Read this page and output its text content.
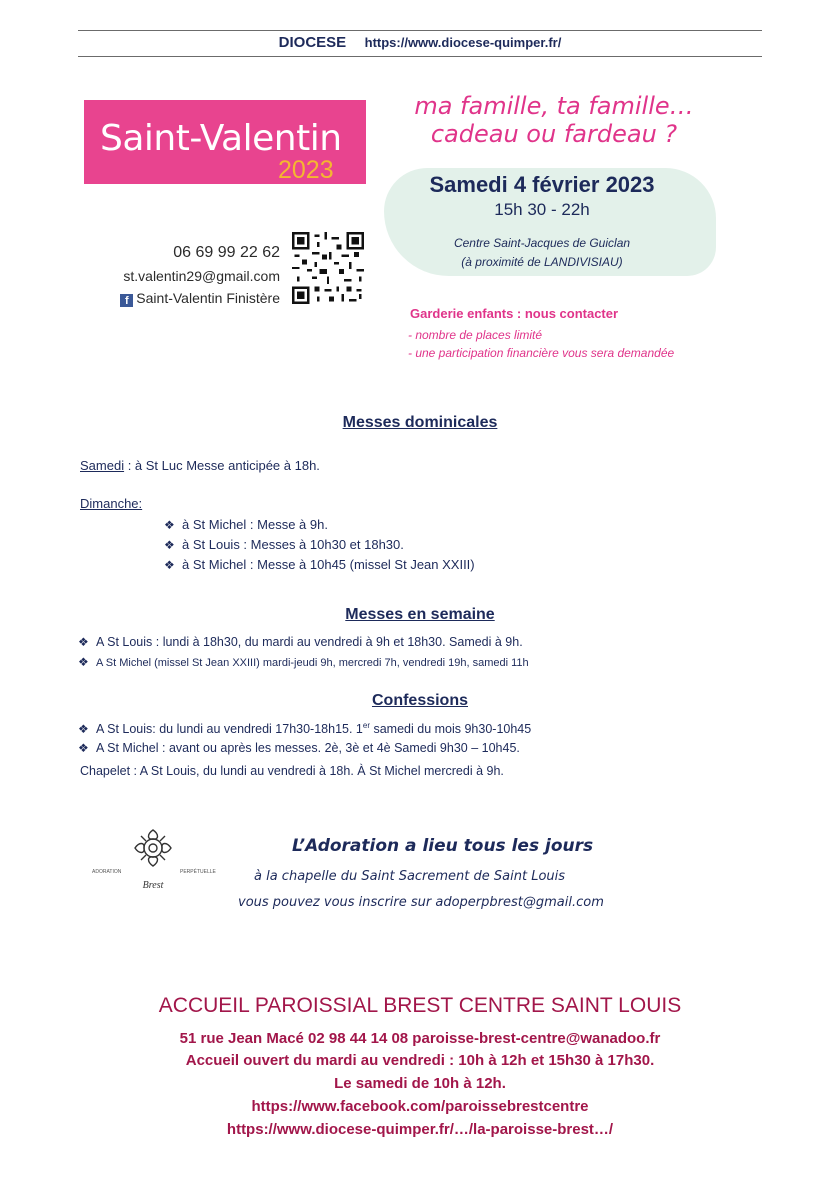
DIOCESE https://www.diocese-quimper.fr/
Saint-Valentin
2023
ma famille, ta famille…
cadeau ou fardeau ?
Samedi 4 février 2023
15h 30 - 22h
Centre Saint-Jacques de Guiclan
(à proximité de LANDIVISIAU)
06 69 99 22 62
st.valentin29@gmail.com
f Saint-Valentin Finistère
Garderie enfants : nous contacter
- nombre de places limité
- une participation financière vous sera demandée
Messes dominicales
Samedi : à St Luc Messe anticipée à 18h.
Dimanche:
❖ à St Michel : Messe à 9h.
❖ à St Louis : Messes à 10h30 et 18h30.
❖ à St Michel : Messe à 10h45 (missel St Jean XXIII)
Messes en semaine
❖ A St Louis : lundi à 18h30, du mardi au vendredi à 9h et 18h30. Samedi à 9h.
❖ A St Michel (missel St Jean XXIII) mardi-jeudi 9h, mercredi 7h, vendredi 19h, samedi 11h
Confessions
❖ A St Louis: du lundi au vendredi 17h30-18h15. 1er samedi du mois 9h30-10h45
❖ A St Michel : avant ou après les messes. 2è, 3è et 4è Samedi 9h30 – 10h45.
Chapelet : A St Louis, du lundi au vendredi à 18h. À St Michel mercredi à 9h.
ADORATION	PERPÉTUELLE
Brest
L’Adoration a lieu tous les jours
à la chapelle du Saint Sacrement de Saint Louis
vous pouvez vous inscrire sur adoperpbrest@gmail.com
ACCUEIL PAROISSIAL BREST CENTRE SAINT LOUIS
51 rue Jean Macé 02 98 44 14 08 paroisse-brest-centre@wanadoo.fr
Accueil ouvert du mardi au vendredi : 10h à 12h et 15h30 à 17h30.
Le samedi de 10h à 12h.
https://www.facebook.com/paroissebrestcentre
https://www.diocese-quimper.fr/…/la-paroisse-brest…/
